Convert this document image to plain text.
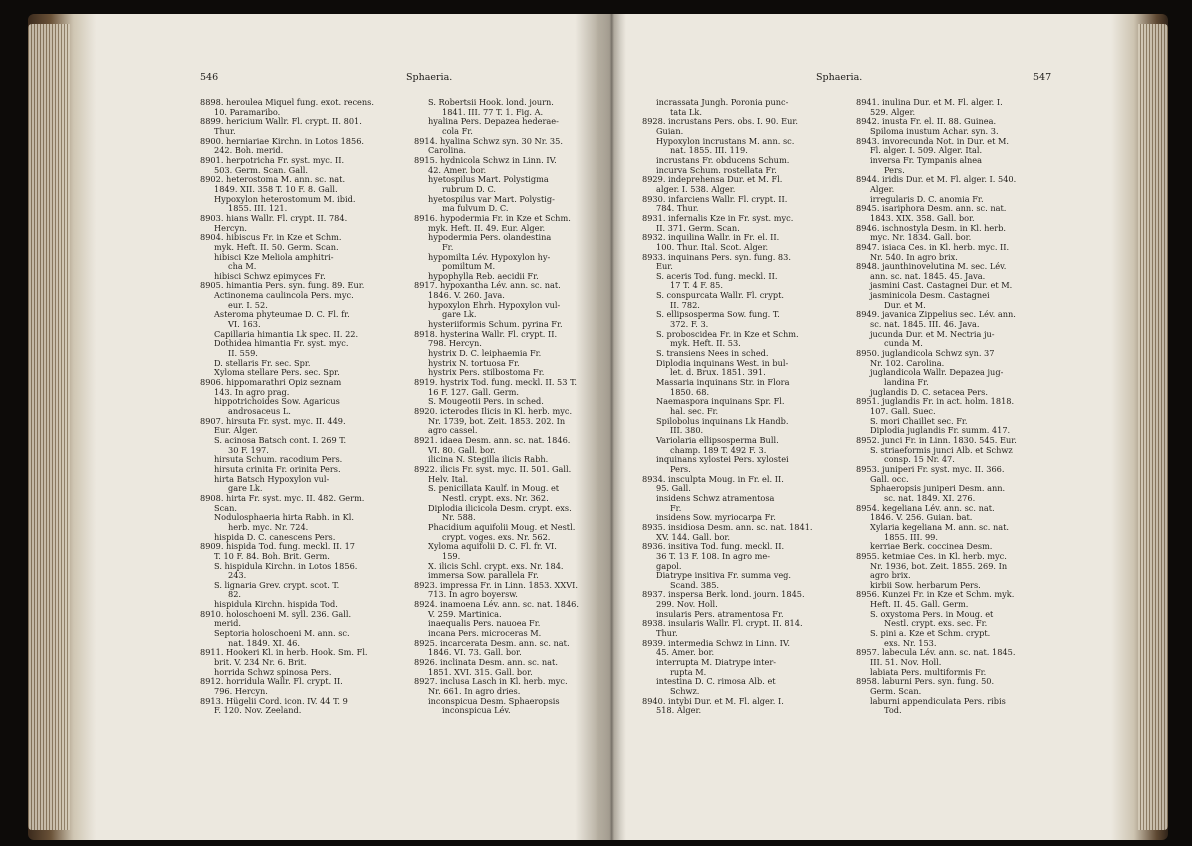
546	Sphaeria.
8898. heroulea Miquel fung. exot. recens.
10. Paramaribo.
8899. hericium Wallr. Fl. crypt. II. 801.
Thur.
8900. herniariae Kirchn. in Lotos 1856.
242. Boh. merid.
8901. herpotricha Fr. syst. myc. II.
503. Germ. Scan. Gall.
8902. heterostoma M. ann. sc. nat.
1849. XII. 358 T. 10 F. 8. Gall.
Hypoxylon heterostomum M. ibid.
1855. III. 121.
8903. hians Wallr. Fl. crypt. II. 784.
Hercyn.
8904. hibiscus Fr. in Kze et Schm.
myk. Heft. II. 50. Germ. Scan.
hibisci Kze Meliola amphitri-
cha M.
hibisci Schwz epimyces Fr.
8905. himantia Pers. syn. fung. 89. Eur.
Actinonema caulincola Pers. myc.
eur. I. 52.
Asteroma phyteumae D. C. Fl. fr.
VI. 163.
Capillaria himantia Lk spec. II. 22.
Dothidea himantia Fr. syst. myc.
II. 559.
D. stellaris Fr. sec. Spr.
Xyloma stellare Pers. sec. Spr.
8906. hippomarathri Opiz seznam
143. In agro prag.
hippotrichoides Sow. Agaricus
androsaceus L.
8907. hirsuta Fr. syst. myc. II. 449.
Eur. Alger.
S. acinosa Batsch cont. I. 269 T.
30 F. 197.
hirsuta Schum. racodium Pers.
hirsuta crinita Fr. orinita Pers.
hirta Batsch Hypoxylon vul-
gare Lk.
8908. hirta Fr. syst. myc. II. 482. Germ.
Scan.
Nodulosphaeria hirta Rabh. in Kl.
herb. myc. Nr. 724.
hispida D. C. canescens Pers.
8909. hispida Tod. fung. meckl. II. 17
T. 10 F. 84. Boh. Brit. Germ.
S. hispidula Kirchn. in Lotos 1856.
243.
S. lignaria Grev. crypt. scot. T.
82.
hispidula Kirchn. hispida Tod.
8910. holoschoeni M. syll. 236. Gall.
merid.
Septoria holoschoeni M. ann. sc.
nat. 1849. XI. 46.
8911. Hookeri Kl. in herb. Hook. Sm. Fl.
brit. V. 234 Nr. 6. Brit.
horrida Schwz spinosa Pers.
8912. horridula Wallr. Fl. crypt. II.
796. Hercyn.
8913. Hügelii Cord. icon. IV. 44 T. 9
F. 120. Nov. Zeeland.
S. Robertsii Hook. lond. journ.
1841. III. 77 T. 1. Fig. A.
hyalina Pers. Depazea hederae-
cola Fr.
8914. hyalina Schwz syn. 30 Nr. 35.
Carolina.
8915. hydnicola Schwz in Linn. IV.
42. Amer. bor.
hyetospilus Mart. Polystigma
rubrum D. C.
hyetospilus var Mart. Polystig-
ma fulvum D. C.
8916. hypodermia Fr. in Kze et Schm.
myk. Heft. II. 49. Eur. Alger.
hypodermia Pers. olandestina
Fr.
hypomilta Lév. Hypoxylon hy-
pomiltum M.
hypophylla Reb. aecidii Fr.
8917. hypoxantha Lév. ann. sc. nat.
1846. V. 260. Java.
hypoxylon Ehrh. Hypoxylon vul-
gare Lk.
hysteriiformis Schum. pyrina Fr.
8918. hysterina Wallr. Fl. crypt. II.
798. Hercyn.
hystrix D. C. leiphaemia Fr.
hystrix N. tortuosa Fr.
hystrix Pers. stilbostoma Fr.
8919. hystrix Tod. fung. meckl. II. 53 T.
16 F. 127. Gall. Germ.
S. Mougeotii Pers. in sched.
8920. icterodes Ilicis in Kl. herb. myc.
Nr. 1739, bot. Zeit. 1853. 202. In
agro cassel.
8921. idaea Desm. ann. sc. nat. 1846.
VI. 80. Gall. bor.
ilicina N. Stegilla ilicis Rabh.
8922. ilicis Fr. syst. myc. II. 501. Gall.
Helv. Ital.
S. penicillata Kaulf. in Moug. et
Nestl. crypt. exs. Nr. 362.
Diplodia ilicicola Desm. crypt. exs.
Nr. 588.
Phacidium aquifolii Moug. et Nestl.
crypt. voges. exs. Nr. 562.
Xyloma aquifolii D. C. Fl. fr. VI.
159.
X. ilicis Schl. crypt. exs. Nr. 184.
immersa Sow. parallela Fr.
8923. impressa Fr. in Linn. 1853. XXVI.
713. In agro boyersw.
8924. inamoena Lév. ann. sc. nat. 1846.
V. 259. Martinica.
inaequalis Pers. nauoea Fr.
incana Pers. microceras M.
8925. incarcerata Desm. ann. sc. nat.
1846. VI. 73. Gall. bor.
8926. inclinata Desm. ann. sc. nat.
1851. XVI. 315. Gall. bor.
8927. inclusa Lasch in Kl. herb. myc.
Nr. 661. In agro dries.
inconspicua Desm. Sphaeropsis
inconspicua Lév.
Sphaeria.	547
incrassata Jungh. Poronia punc-
tata Lk.
8928. incrustans Pers. obs. I. 90. Eur.
Guian.
Hypoxylon incrustans M. ann. sc.
nat. 1855. III. 119.
incrustans Fr. obducens Schum.
incurva Schum. rostellata Fr.
8929. indeprehensa Dur. et M. Fl.
alger. I. 538. Alger.
8930. infarciens Wallr. Fl. crypt. II.
784. Thur.
8931. infernalis Kze in Fr. syst. myc.
II. 371. Germ. Scan.
8932. inquilina Wallr. in Fr. el. II.
100. Thur. Ital. Scot. Alger.
8933. inquinans Pers. syn. fung. 83.
Eur.
S. aceris Tod. fung. meckl. II.
17 T. 4 F. 85.
S. conspurcata Wallr. Fl. crypt.
II. 782.
S. ellipsosperma Sow. fung. T.
372. F. 3.
S. proboscidea Fr. in Kze et Schm.
myk. Heft. II. 53.
S. transiens Nees in sched.
Diplodia inquinans West. in bul-
let. d. Brux. 1851. 391.
Massaria inquinans Str. in Flora
1850. 68.
Naemaspora inquinans Spr. Fl.
hal. sec. Fr.
Spilobolus inquinans Lk Handb.
III. 380.
Variolaria ellipsosperma Bull.
champ. 189 T. 492 F. 3.
inquinans xylostei Pers. xylostei
Pers.
8934. insculpta Moug. in Fr. el. II.
95. Gall.
insidens Schwz atramentosa
Fr.
insidens Sow. myriocarpa Fr.
8935. insidiosa Desm. ann. sc. nat. 1841.
XV. 144. Gall. bor.
8936. insitiva Tod. fung. meckl. II.
36 T. 13 F. 108. In agro me-
gapol.
Diatrype insitiva Fr. summa veg.
Scand. 385.
8937. inspersa Berk. lond. journ. 1845.
299. Nov. Holl.
insularis Pers. atramentosa Fr.
8938. insularis Wallr. Fl. crypt. II. 814.
Thur.
8939. intermedia Schwz in Linn. IV.
45. Amer. bor.
interrupta M. Diatrype inter-
rupta M.
intestina D. C. rimosa Alb. et
Schwz.
8940. intybi Dur. et M. Fl. alger. I.
518. Alger.
8941. inulina Dur. et M. Fl. alger. I.
529. Alger.
8942. inusta Fr. el. II. 88. Guinea.
Spiloma inustum Achar. syn. 3.
8943. invorecunda Not. in Dur. et M.
Fl. alger. I. 509. Alger. Ital.
inversa Fr. Tympanis alnea
Pers.
8944. iridis Dur. et M. Fl. alger. I. 540.
Alger.
irregularis D. C. anomia Fr.
8945. isariphora Desm. ann. sc. nat.
1843. XIX. 358. Gall. bor.
8946. ischnostyla Desm. in Kl. herb.
myc. Nr. 1834. Gall. bor.
8947. isiaca Ces. in Kl. herb. myc. II.
Nr. 540. In agro brix.
8948. jaunthinovelutina M. sec. Lév.
ann. sc. nat. 1845. 45. Java.
jasmini Cast. Castagnei Dur. et M.
jasminicola Desm. Castagnei
Dur. et M.
8949. javanica Zippelius sec. Lév. ann.
sc. nat. 1845. III. 46. Java.
jucunda Dur. et M. Nectria ju-
cunda M.
8950. juglandicola Schwz syn. 37
Nr. 102. Carolina.
juglandicola Wallr. Depazea jug-
landina Fr.
juglandis D. C. setacea Pers.
8951. juglandis Fr. in act. holm. 1818.
107. Gall. Suec.
S. mori Chaillet sec. Fr.
Diplodia juglandis Fr. summ. 417.
8952. junci Fr. in Linn. 1830. 545. Eur.
S. striaeformis junci Alb. et Schwz
consp. 15 Nr. 47.
8953. juniperi Fr. syst. myc. II. 366.
Gall. occ.
Sphaeropsis juniperi Desm. ann.
sc. nat. 1849. XI. 276.
8954. kegeliana Lév. ann. sc. nat.
1846. V. 256. Guian. bat.
Xylaria kegeliana M. ann. sc. nat.
1855. III. 99.
kerriae Berk. coccinea Desm.
8955. ketmiae Ces. in Kl. herb. myc.
Nr. 1936, bot. Zeit. 1855. 269. In
agro brix.
kirbii Sow. herbarum Pers.
8956. Kunzei Fr. in Kze et Schm. myk.
Heft. II. 45. Gall. Germ.
S. oxystoma Pers. in Moug. et
Nestl. crypt. exs. sec. Fr.
S. pini a. Kze et Schm. crypt.
exs. Nr. 153.
8957. labecula Lév. ann. sc. nat. 1845.
III. 51. Nov. Holl.
labiata Pers. multiformis Fr.
8958. laburni Pers. syn. fung. 50.
Germ. Scan.
laburni appendiculata Pers. ribis
Tod.
